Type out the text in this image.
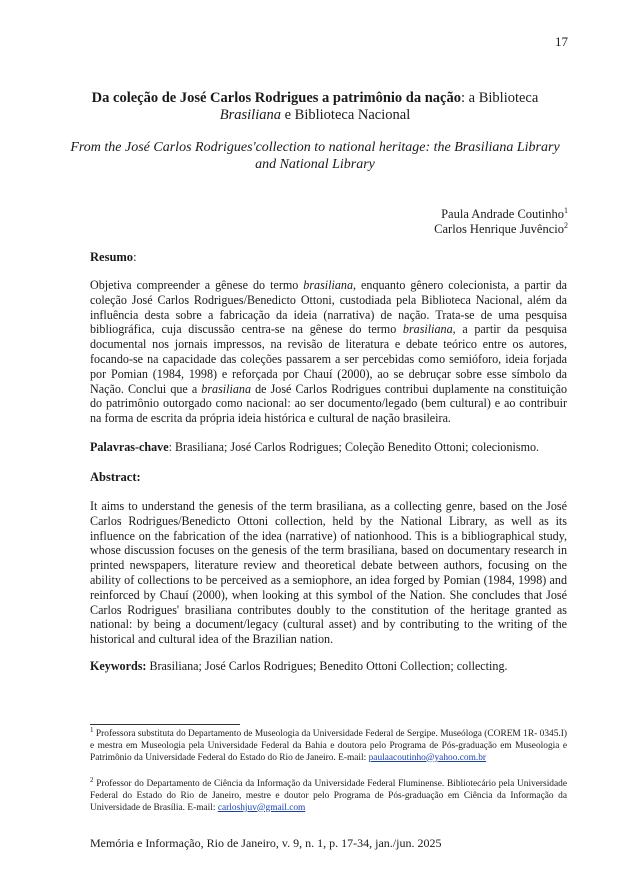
17
Da coleção de José Carlos Rodrigues a patrimônio da nação: a Biblioteca Brasiliana e Biblioteca Nacional
From the José Carlos Rodrigues'collection to national heritage: the Brasiliana Library and National Library
Paula Andrade Coutinho$^1$
Carlos Henrique Juvêncio$^2$
Resumo:
Objetiva compreender a gênese do termo brasiliana, enquanto gênero colecionista, a partir da coleção José Carlos Rodrigues/Benedicto Ottoni, custodiada pela Biblioteca Nacional, além da influência desta sobre a fabricação da ideia (narrativa) de nação. Trata-se de uma pesquisa bibliográfica, cuja discussão centra-se na gênese do termo brasiliana, a partir da pesquisa documental nos jornais impressos, na revisão de literatura e debate teórico entre os autores, focando-se na capacidade das coleções passarem a ser percebidas como semióforo, ideia forjada por Pomian (1984, 1998) e reforçada por Chauí (2000), ao se debruçar sobre esse símbolo da Nação. Conclui que a brasiliana de José Carlos Rodrigues contribui duplamente na constituição do patrimônio outorgado como nacional: ao ser documento/legado (bem cultural) e ao contribuir na forma de escrita da própria ideia histórica e cultural de nação brasileira.
Palavras-chave: Brasiliana; José Carlos Rodrigues; Coleção Benedito Ottoni; colecionismo.
Abstract:
It aims to understand the genesis of the term brasiliana, as a collecting genre, based on the José Carlos Rodrigues/Benedicto Ottoni collection, held by the National Library, as well as its influence on the fabrication of the idea (narrative) of nationhood. This is a bibliographical study, whose discussion focuses on the genesis of the term brasiliana, based on documentary research in printed newspapers, literature review and theoretical debate between authors, focusing on the ability of collections to be perceived as a semiophore, an idea forged by Pomian (1984, 1998) and reinforced by Chauí (2000), when looking at this symbol of the Nation. She concludes that José Carlos Rodrigues' brasiliana contributes doubly to the constitution of the heritage granted as national: by being a document/legacy (cultural asset) and by contributing to the writing of the historical and cultural idea of the Brazilian nation.
Keywords: Brasiliana; José Carlos Rodrigues; Benedito Ottoni Collection; collecting.
$^1$ Professora substituta do Departamento de Museologia da Universidade Federal de Sergipe. Museóloga (COREM 1R- 0345.I) e mestra em Museologia pela Universidade Federal da Bahia e doutora pelo Programa de Pós-graduação em Museologia e Patrimônio da Universidade Federal do Estado do Rio de Janeiro. E-mail: paulaacoutinho@yahoo.com.br
$^2$ Professor do Departamento de Ciência da Informação da Universidade Federal Fluminense. Bibliotecário pela Universidade Federal do Estado do Rio de Janeiro, mestre e doutor pelo Programa de Pós-graduação em Ciência da Informação da Universidade de Brasília. E-mail: carloshjuv@gmail.com
Memória e Informação, Rio de Janeiro, v. 9, n. 1, p. 17-34, jan./jun. 2025
